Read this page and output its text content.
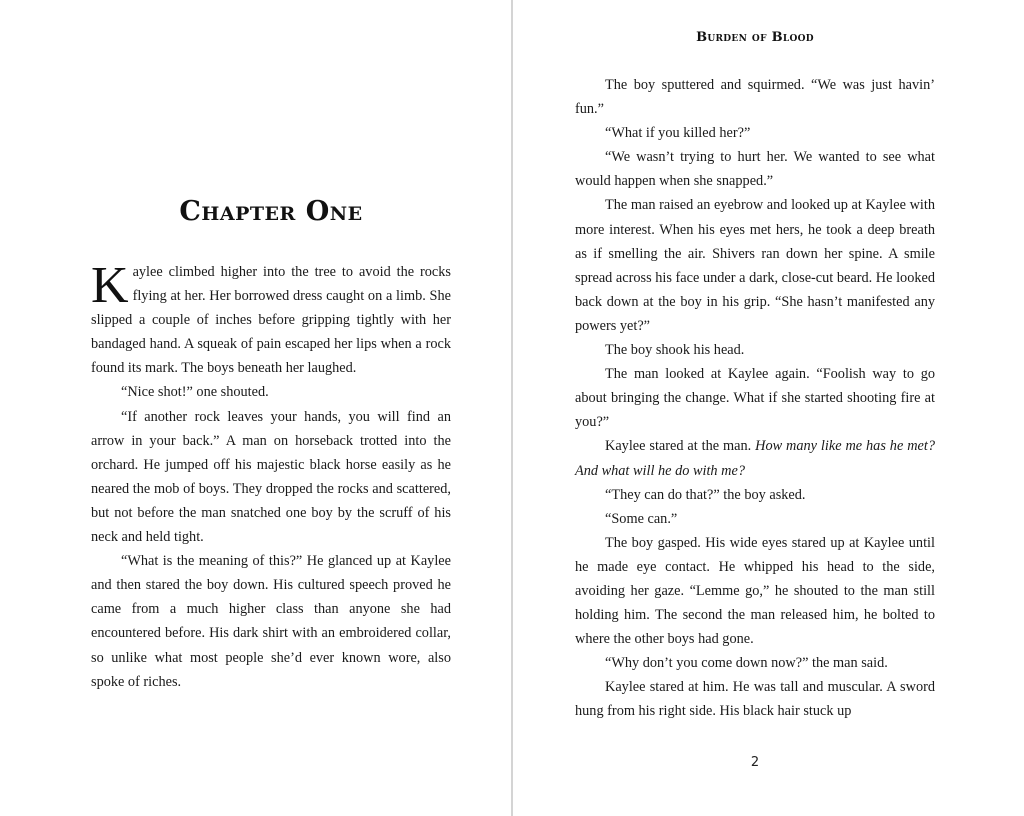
Chapter One

Kaylee climbed higher into the tree to avoid the rocks flying at her. Her borrowed dress caught on a limb. She slipped a couple of inches before gripping tightly with her bandaged hand. A squeak of pain escaped her lips when a rock found its mark. The boys beneath her laughed.

“Nice shot!” one shouted.

“If another rock leaves your hands, you will find an arrow in your back.” A man on horseback trotted into the orchard. He jumped off his majestic black horse easily as he neared the mob of boys. They dropped the rocks and scattered, but not before the man snatched one boy by the scruff of his neck and held tight.

“What is the meaning of this?” He glanced up at Kaylee and then stared the boy down. His cultured speech proved he came from a much higher class than anyone she had encountered before. His dark shirt with an embroidered collar, so unlike what most people she’d ever known wore, also spoke of riches.

Burden of Blood

The boy sputtered and squirmed. “We was just havin’ fun.”

“What if you killed her?”

“We wasn’t trying to hurt her. We wanted to see what would happen when she snapped.”

The man raised an eyebrow and looked up at Kaylee with more interest. When his eyes met hers, he took a deep breath as if smelling the air. Shivers ran down her spine. A smile spread across his face under a dark, close-cut beard. He looked back down at the boy in his grip. “She hasn’t manifested any powers yet?”

The boy shook his head.

The man looked at Kaylee again. “Foolish way to go about bringing the change. What if she started shooting fire at you?”

Kaylee stared at the man. How many like me has he met? And what will he do with me?

“They can do that?” the boy asked.

“Some can.”

The boy gasped. His wide eyes stared up at Kaylee until he made eye contact. He whipped his head to the side, avoiding her gaze. “Lemme go,” he shouted to the man still holding him. The second the man released him, he bolted to where the other boys had gone.

“Why don’t you come down now?” the man said.

Kaylee stared at him. He was tall and muscular. A sword hung from his right side. His black hair stuck up

2
